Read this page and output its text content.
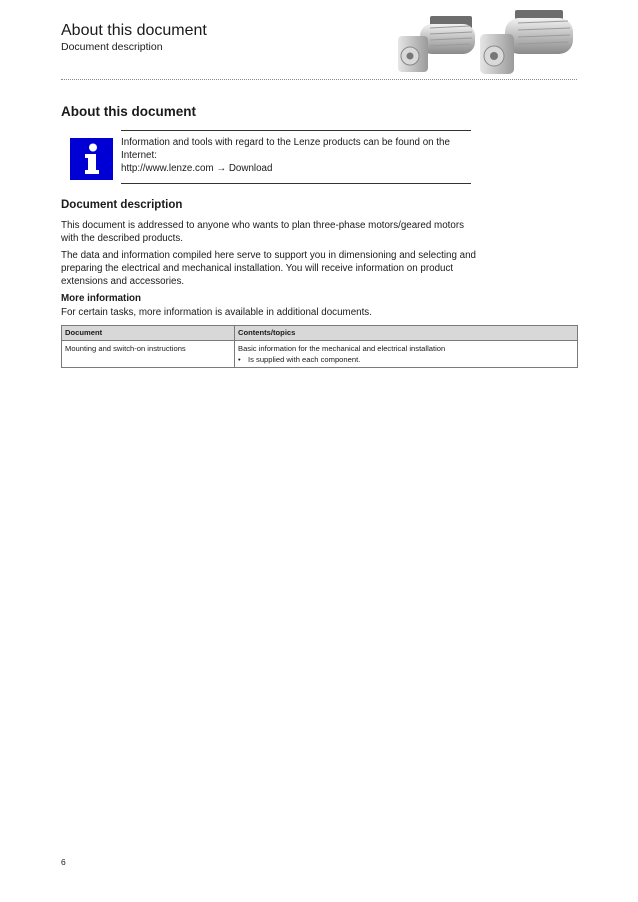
About this document
Document description
About this document
Information and tools with regard to the Lenze products can be found on the Internet:
http://www.lenze.com → Download
Document description
This document is addressed to anyone who wants to plan three-phase motors/geared motors with the described products.
The data and information compiled here serve to support you in dimensioning and selecting and preparing the electrical and mechanical installation. You will receive information on product extensions and accessories.
More information
For certain tasks, more information is available in additional documents.
Document	Contents/topics
Mounting and switch-on instructions	Basic information for the mechanical and electrical installation
• Is supplied with each component.
6
